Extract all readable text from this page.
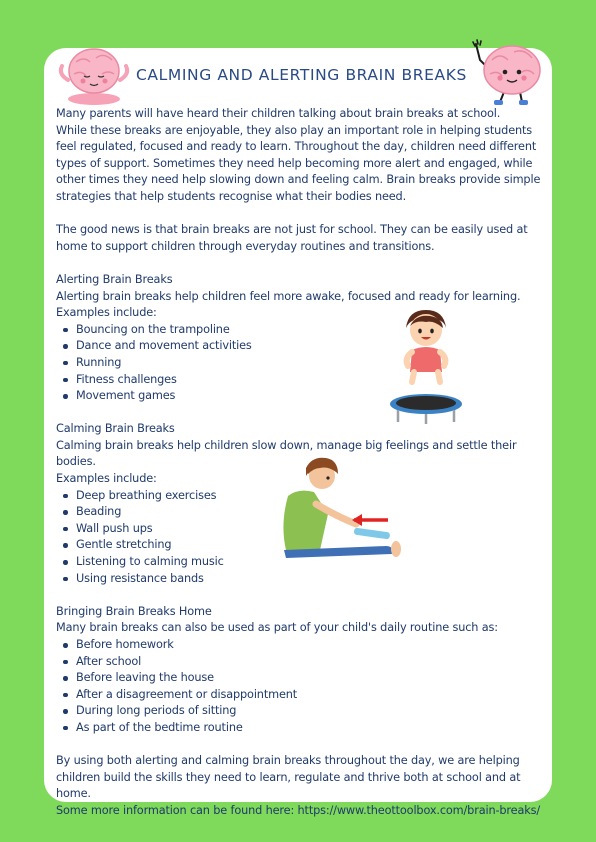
CALMING AND ALERTING BRAIN BREAKS

Many parents will have heard their children talking about brain breaks at school.

While these breaks are enjoyable, they also play an important role in helping students feel regulated, focused and ready to learn. Throughout the day, children need different types of support. Sometimes they need help becoming more alert and engaged, while other times they need help slowing down and feeling calm. Brain breaks provide simple strategies that help students recognise what their bodies need.

The good news is that brain breaks are not just for school. They can be easily used at home to support children through everyday routines and transitions.

Alerting Brain Breaks

Alerting brain breaks help children feel more awake, focused and ready for learning.

Examples include:

Bouncing on the trampoline
Dance and movement activities
Running
Fitness challenges
Movement games

Calming Brain Breaks

Calming brain breaks help children slow down, manage big feelings and settle their bodies.

Examples include:

Deep breathing exercises
Beading
Wall push ups
Gentle stretching
Listening to calming music
Using resistance bands

Bringing Brain Breaks Home

Many brain breaks can also be used as part of your child's daily routine such as:

Before homework
After school
Before leaving the house
After a disagreement or disappointment
During long periods of sitting
As part of the bedtime routine

By using both alerting and calming brain breaks throughout the day, we are helping children build the skills they need to learn, regulate and thrive both at school and at home.

Some more information can be found here: https://www.theottoolbox.com/brain-breaks/
